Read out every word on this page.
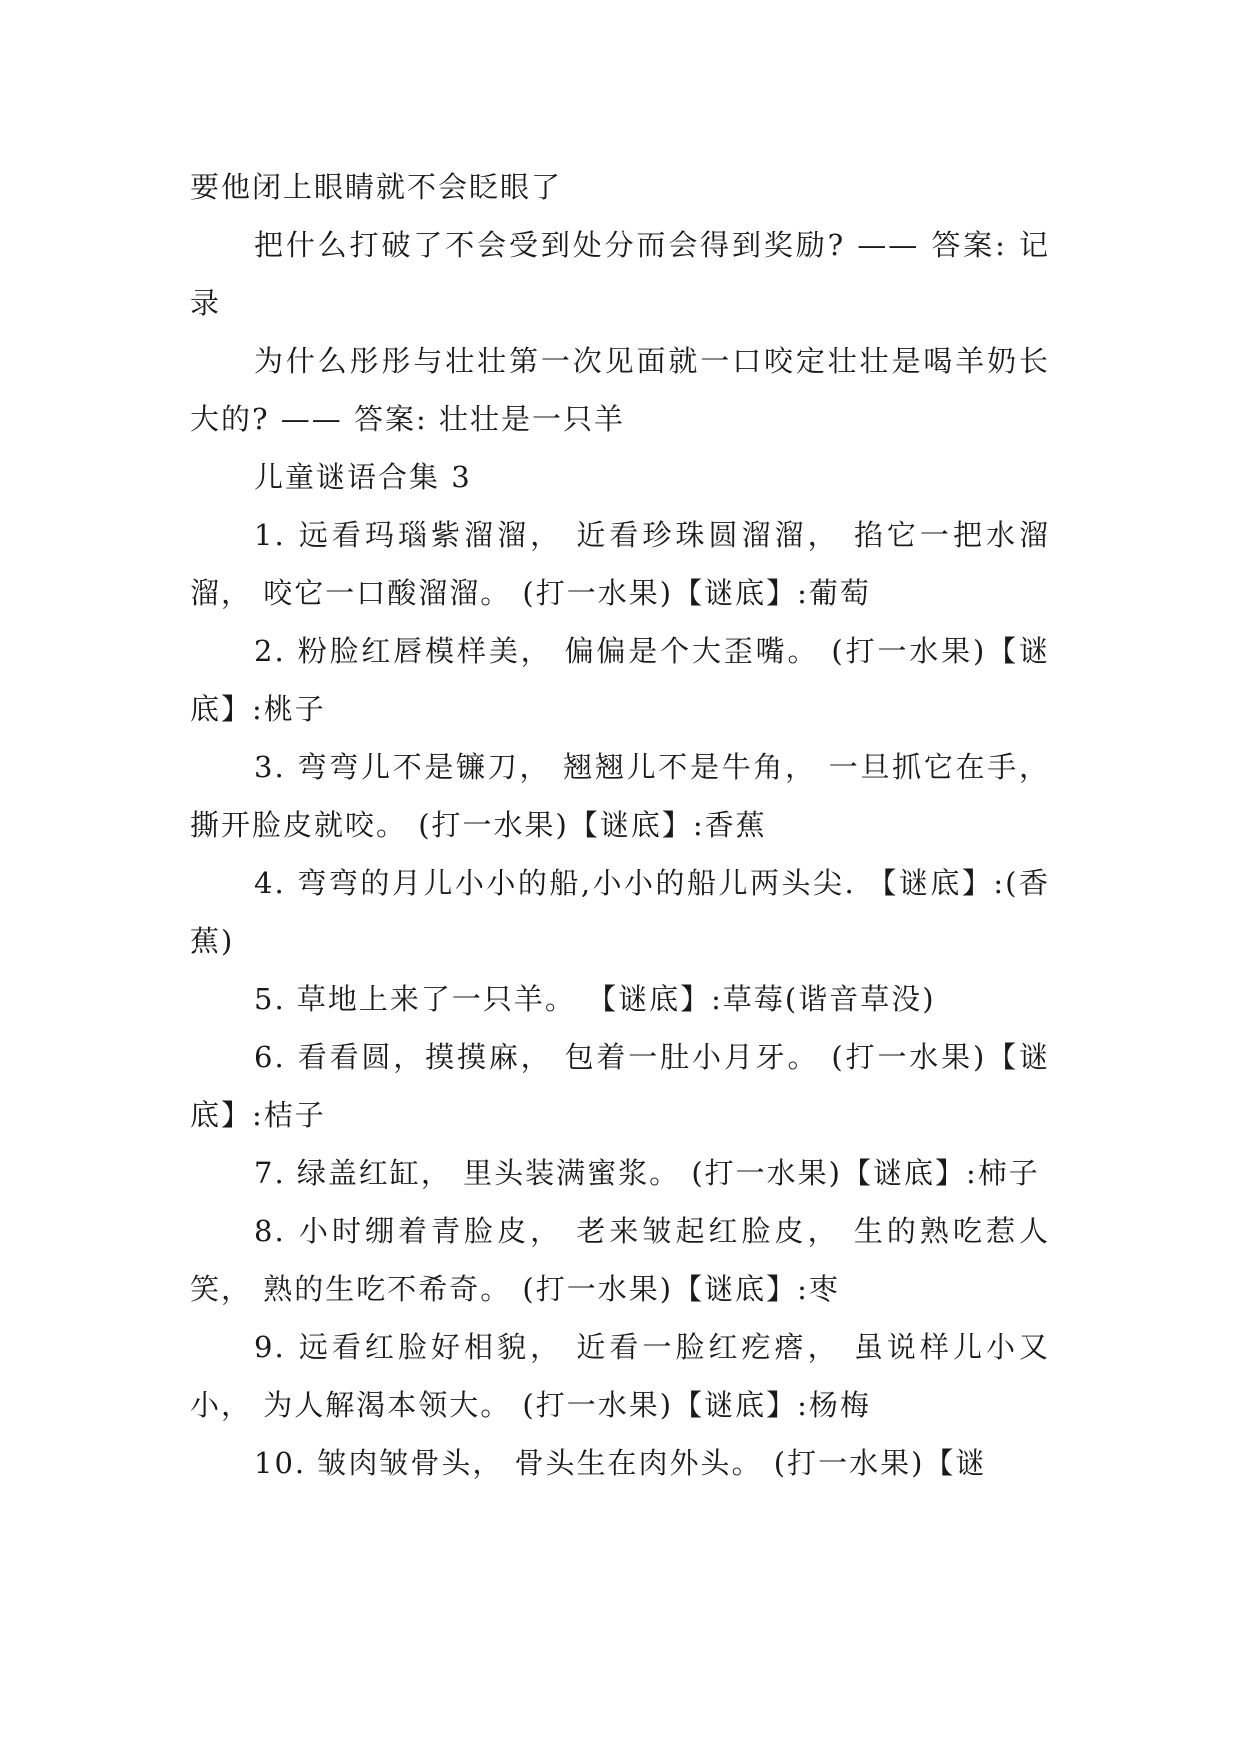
要他闭上眼睛就不会眨眼了

把什么打破了不会受到处分而会得到奖励? —— 答案: 记录

为什么彤彤与壮壮第一次见面就一口咬定壮壮是喝羊奶长大的? —— 答案: 壮壮是一只羊

儿童谜语合集 3

1. 远看玛瑙紫溜溜， 近看珍珠圆溜溜， 掐它一把水溜溜， 咬它一口酸溜溜。 (打一水果)【谜底】:葡萄

2. 粉脸红唇模样美， 偏偏是个大歪嘴。 (打一水果)【谜底】:桃子

3. 弯弯儿不是镰刀， 翘翘儿不是牛角， 一旦抓它在手， 撕开脸皮就咬。 (打一水果)【谜底】:香蕉

4. 弯弯的月儿小小的船,小小的船儿两头尖. 【谜底】:(香蕉)

5. 草地上来了一只羊。 【谜底】:草莓(谐音草没)

6. 看看圆，摸摸麻， 包着一肚小月牙。 (打一水果)【谜底】:桔子

7. 绿盖红缸， 里头装满蜜浆。 (打一水果)【谜底】:柿子

8. 小时绷着青脸皮， 老来皱起红脸皮， 生的熟吃惹人笑， 熟的生吃不希奇。 (打一水果)【谜底】:枣

9. 远看红脸好相貌， 近看一脸红疙瘩， 虽说样儿小又小， 为人解渴本领大。 (打一水果)【谜底】:杨梅

10. 皱肉皱骨头， 骨头生在肉外头。 (打一水果)【谜
